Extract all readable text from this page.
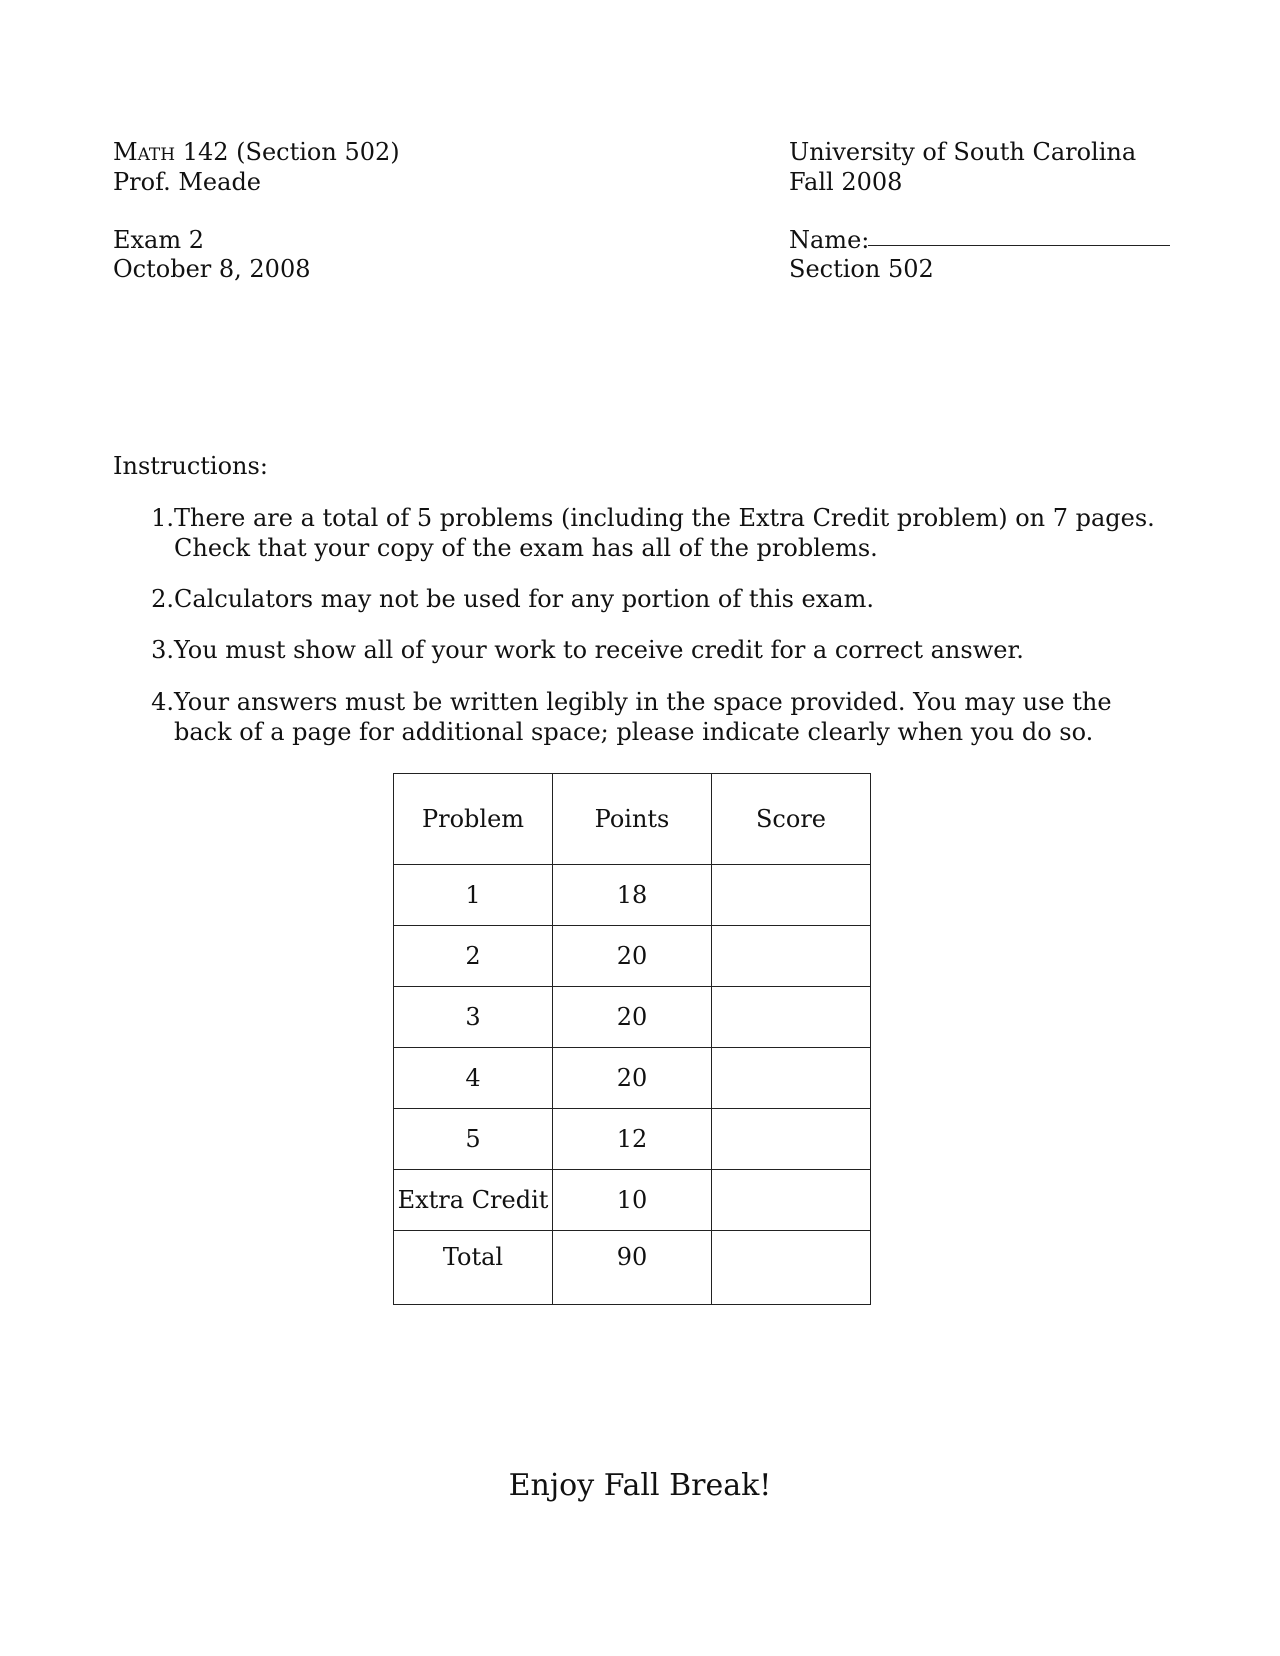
Math 142 (Section 502)
Prof. Meade
Exam 2
October 8, 2008
University of South Carolina
Fall 2008
Name:
Section 502
Instructions:
1. There are a total of 5 problems (including the Extra Credit problem) on 7 pages. Check that your copy of the exam has all of the problems.
2. Calculators may not be used for any portion of this exam.
3. You must show all of your work to receive credit for a correct answer.
4. Your answers must be written legibly in the space provided. You may use the back of a page for additional space; please indicate clearly when you do so.
Problem	Points	Score
1	18	
2	20	
3	20	
4	20	
5	12	
Extra Credit	10	
Total	90	
Enjoy Fall Break!
